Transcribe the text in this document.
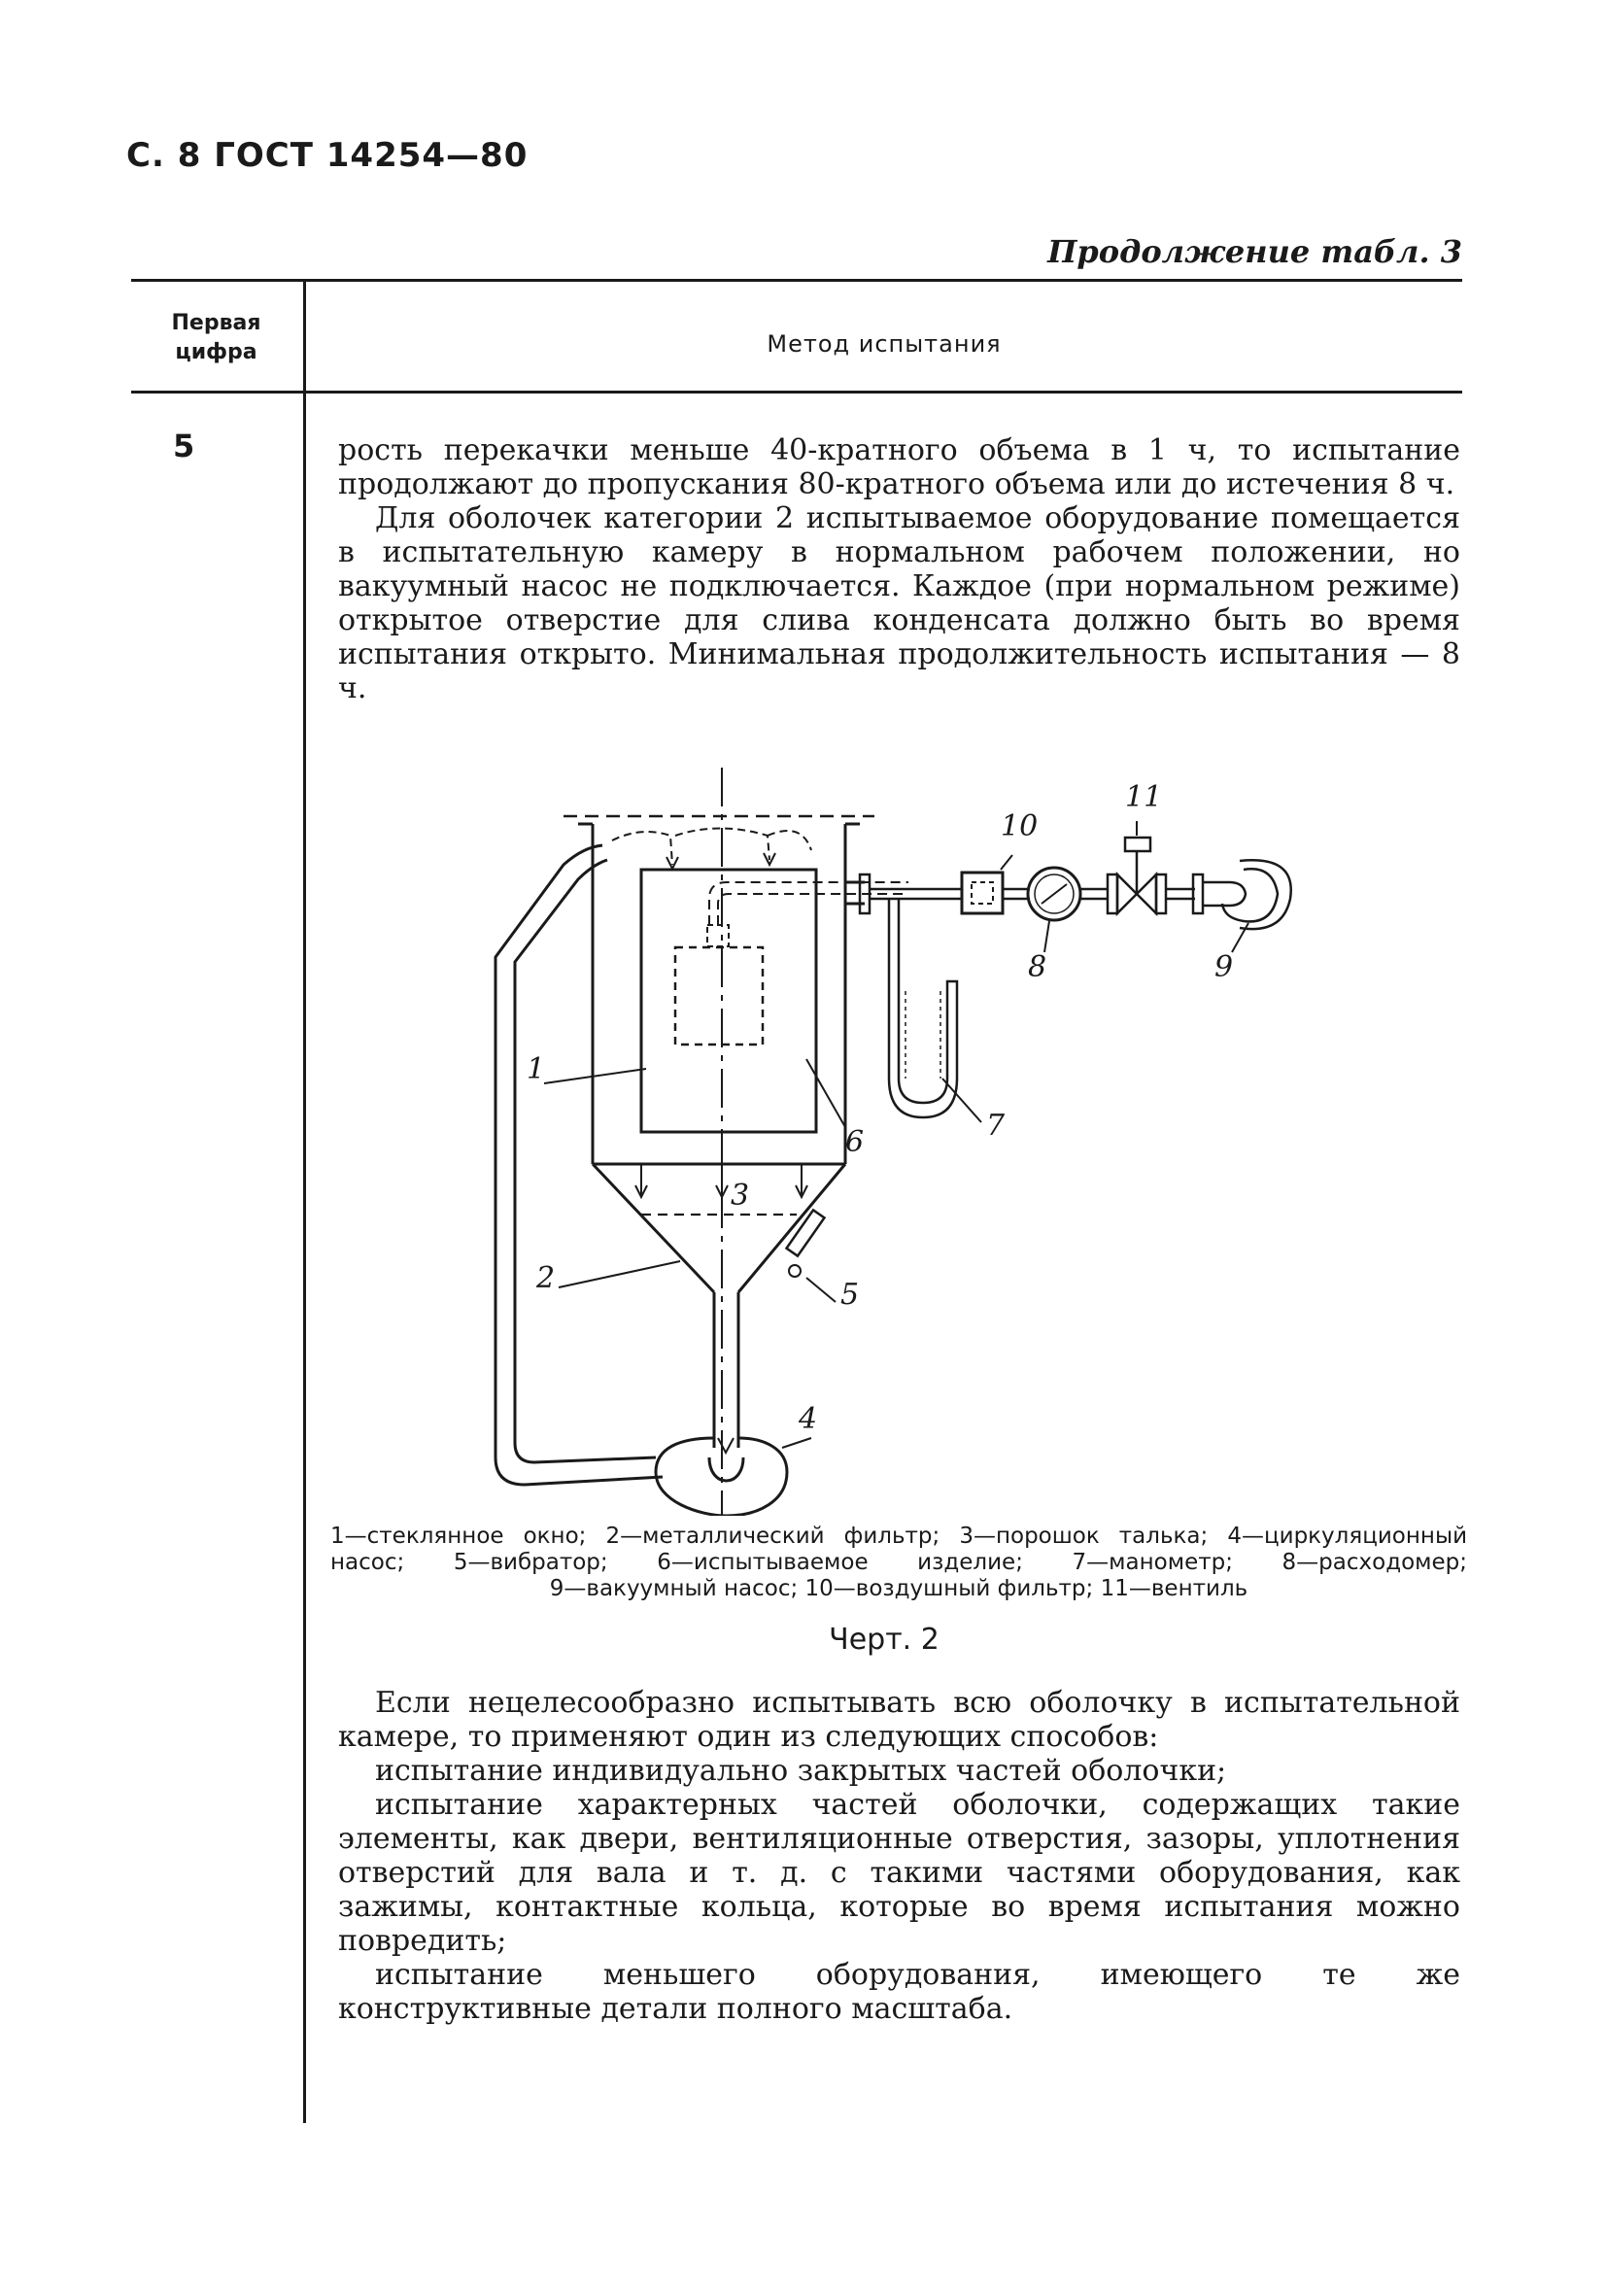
С. 8 ГОСТ 14254—80
Продолжение табл. 3
Первая
цифра	Метод испытания
5	рость перекачки меньше 40-кратного объема в 1 ч, то испытание продолжают до пропускания 80-кратного объема или до истечения 8 ч.

Для оболочек категории 2 испытываемое оборудование помещается в испытательную камеру в нормальном рабочем положении, но вакуумный насос не подключается. Каждое (при нормальном режиме) открытое отверстие для слива конденсата должно быть во время испытания открыто. Минимальная продолжительность испытания — 8 ч.

1
2
3
4
5
6	7
8	9
10
11
1—стеклянное окно; 2—металлический фильтр; 3—порошок талька; 4—циркуляционный насос; 5—вибратор; 6—испытываемое изделие; 7—манометр; 8—расходомер;
9—вакуумный насос; 10—воздушный фильтр; 11—вентиль
Черт. 2

Если нецелесообразно испытывать всю оболочку в испытательной камере, то применяют один из следующих способов:

испытание индивидуально закрытых частей оболочки;

испытание характерных частей оболочки, содержащих такие элементы, как двери, вентиляционные отверстия, зазоры, уплотнения отверстий для вала и т. д. с такими частями оборудования, как зажимы, контактные кольца, которые во время испытания можно повредить;

испытание меньшего оборудования, имеющего те же конструктивные детали полного масштаба.
